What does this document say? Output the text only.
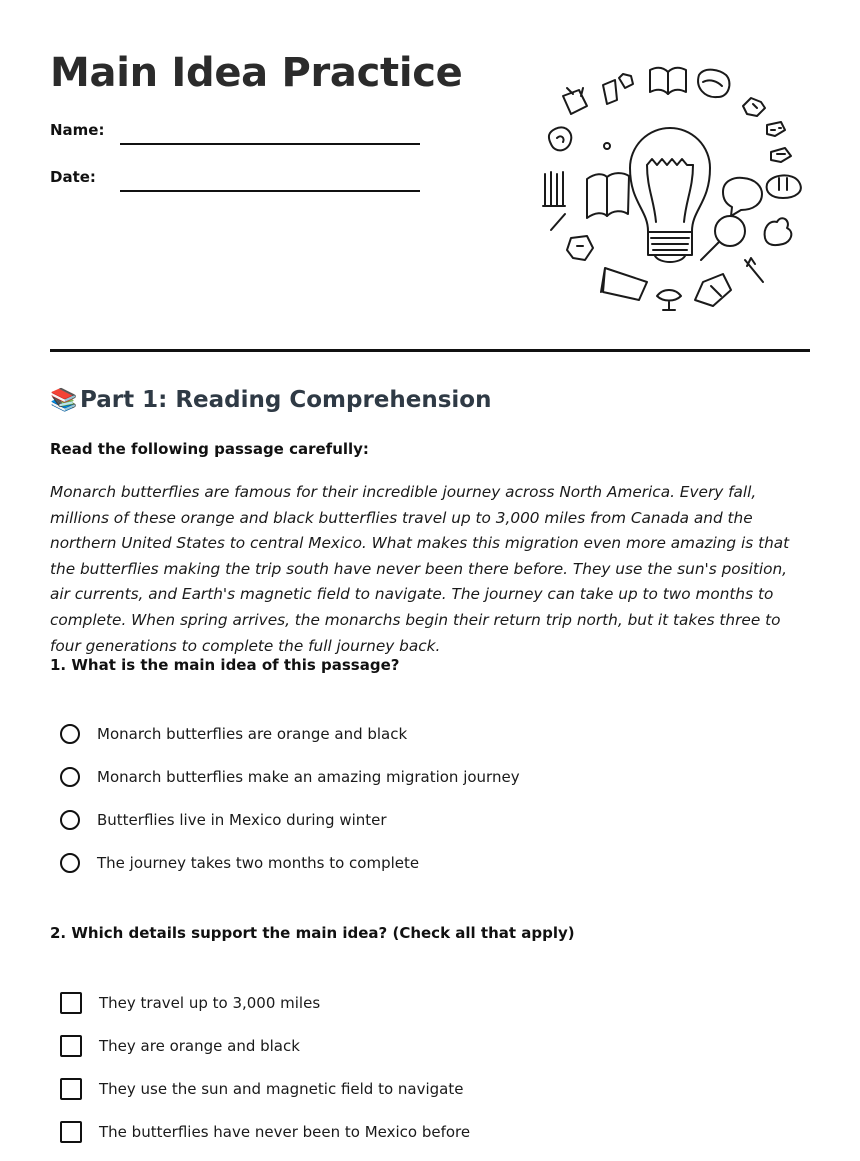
Main Idea Practice
Name:
Date:
📚 Part 1: Reading Comprehension
Read the following passage carefully:

Monarch butterflies are famous for their incredible journey across North America. Every fall, millions of these orange and black butterflies travel up to 3,000 miles from Canada and the northern United States to central Mexico. What makes this migration even more amazing is that the butterflies making the trip south have never been there before. They use the sun's position, air currents, and Earth's magnetic field to navigate. The journey can take up to two months to complete. When spring arrives, the monarchs begin their return trip north, but it takes three to four generations to complete the full journey back.

1. What is the main idea of this passage?
Monarch butterflies are orange and black
Monarch butterflies make an amazing migration journey
Butterflies live in Mexico during winter
The journey takes two months to complete
2. Which details support the main idea? (Check all that apply)
They travel up to 3,000 miles
They are orange and black
They use the sun and magnetic field to navigate
The butterflies have never been to Mexico before
